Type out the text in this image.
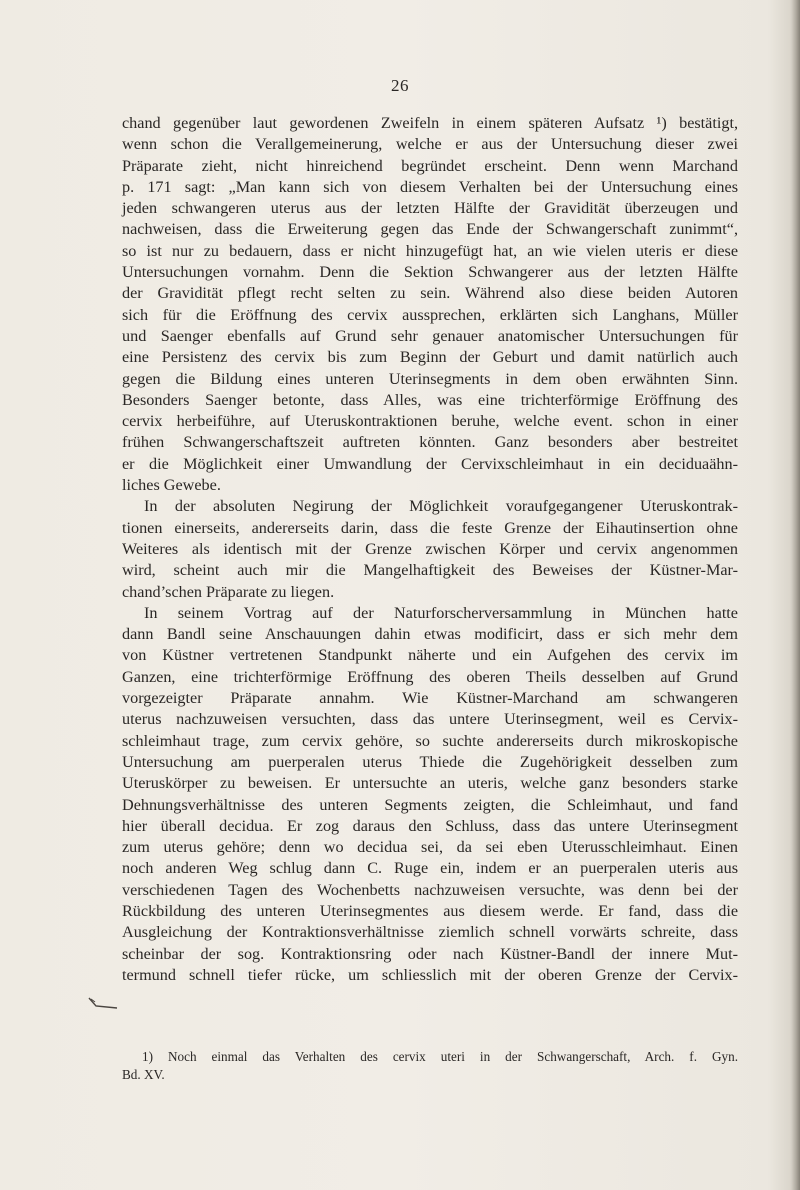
26
chand gegenüber laut gewordenen Zweifeln in einem späteren Aufsatz ¹) bestätigt,
wenn schon die Verallgemeinerung, welche er aus der Untersuchung dieser zwei
Präparate zieht, nicht hinreichend begründet erscheint. Denn wenn Marchand
p. 171 sagt: „Man kann sich von diesem Verhalten bei der Untersuchung eines
jeden schwangeren uterus aus der letzten Hälfte der Gravidität überzeugen und
nachweisen, dass die Erweiterung gegen das Ende der Schwangerschaft zunimmt“,
so ist nur zu bedauern, dass er nicht hinzugefügt hat, an wie vielen uteris er diese
Untersuchungen vornahm. Denn die Sektion Schwangerer aus der letzten Hälfte
der Gravidität pflegt recht selten zu sein. Während also diese beiden Autoren
sich für die Eröffnung des cervix aussprechen, erklärten sich Langhans, Müller
und Saenger ebenfalls auf Grund sehr genauer anatomischer Untersuchungen für
eine Persistenz des cervix bis zum Beginn der Geburt und damit natürlich auch
gegen die Bildung eines unteren Uterinsegments in dem oben erwähnten Sinn.
Besonders Saenger betonte, dass Alles, was eine trichterförmige Eröffnung des
cervix herbeiführe, auf Uteruskontraktionen beruhe, welche event. schon in einer
frühen Schwangerschaftszeit auftreten könnten. Ganz besonders aber bestreitet
er die Möglichkeit einer Umwandlung der Cervixschleimhaut in ein deciduaähn-
liches Gewebe.
In der absoluten Negirung der Möglichkeit voraufgegangener Uteruskontrak-
tionen einerseits, andererseits darin, dass die feste Grenze der Eihautinsertion ohne
Weiteres als identisch mit der Grenze zwischen Körper und cervix angenommen
wird, scheint auch mir die Mangelhaftigkeit des Beweises der Küstner-Mar-
chand’schen Präparate zu liegen.
In seinem Vortrag auf der Naturforscherversammlung in München hatte
dann Bandl seine Anschauungen dahin etwas modificirt, dass er sich mehr dem
von Küstner vertretenen Standpunkt näherte und ein Aufgehen des cervix im
Ganzen, eine trichterförmige Eröffnung des oberen Theils desselben auf Grund
vorgezeigter Präparate annahm. Wie Küstner-Marchand am schwangeren
uterus nachzuweisen versuchten, dass das untere Uterinsegment, weil es Cervix-
schleimhaut trage, zum cervix gehöre, so suchte andererseits durch mikroskopische
Untersuchung am puerperalen uterus Thiede die Zugehörigkeit desselben zum
Uteruskörper zu beweisen. Er untersuchte an uteris, welche ganz besonders starke
Dehnungsverhältnisse des unteren Segments zeigten, die Schleimhaut, und fand
hier überall decidua. Er zog daraus den Schluss, dass das untere Uterinsegment
zum uterus gehöre; denn wo decidua sei, da sei eben Uterusschleimhaut. Einen
noch anderen Weg schlug dann C. Ruge ein, indem er an puerperalen uteris aus
verschiedenen Tagen des Wochenbetts nachzuweisen versuchte, was denn bei der
Rückbildung des unteren Uterinsegmentes aus diesem werde. Er fand, dass die
Ausgleichung der Kontraktionsverhältnisse ziemlich schnell vorwärts schreite, dass
scheinbar der sog. Kontraktionsring oder nach Küstner-Bandl der innere Mut-
termund schnell tiefer rücke, um schliesslich mit der oberen Grenze der Cervix-
1) Noch einmal das Verhalten des cervix uteri in der Schwangerschaft, Arch. f. Gyn.
Bd. XV.
